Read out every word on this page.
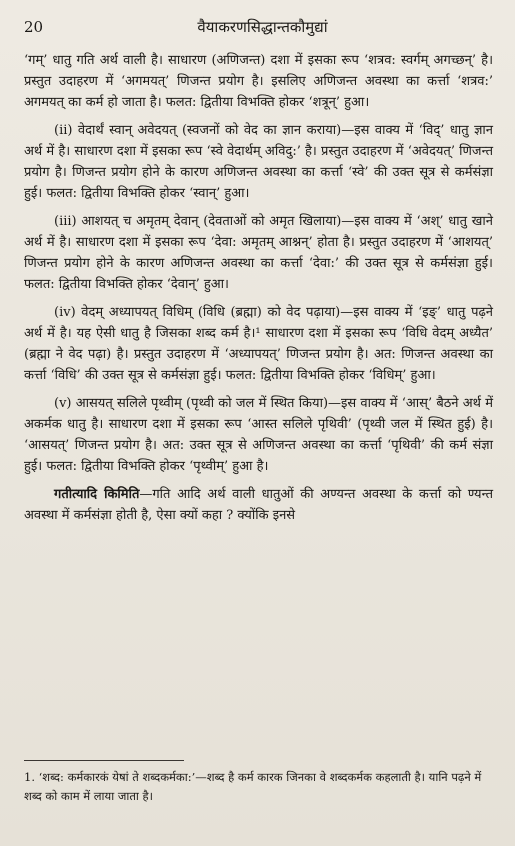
20	वैयाकरणसिद्धान्तकौमुद्यां

‘गम्’ धातु गति अर्थ वाली है। साधारण (अणिजन्त) दशा में इसका रूप ‘शत्रव: स्वर्गम् अगच्छन्’ है। प्रस्तुत उदाहरण में ‘अगमयत्’ णिजन्त प्रयोग है। इसलिए अणिजन्त अवस्था का कर्त्ता ‘शत्रव:’ अगमयत् का कर्म हो जाता है। फलत: द्वितीया विभक्ति होकर ‘शत्रून्’ हुआ।

(ii) वेदार्थं स्वान् अवेदयत् (स्वजनों को वेद का ज्ञान कराया)—इस वाक्य में ‘विद्’ धातु ज्ञान अर्थ में है। साधारण दशा में इसका रूप ‘स्वे वेदार्थम् अविदु:’ है। प्रस्तुत उदाहरण में ‘अवेदयत्’ णिजन्त प्रयोग है। णिजन्त प्रयोग होने के कारण अणिजन्त अवस्था का कर्त्ता ‘स्वे’ की उक्त सूत्र से कर्मसंज्ञा हुई। फलत: द्वितीया विभक्ति होकर ‘स्वान्’ हुआ।

(iii) आशयत् च अमृतम् देवान् (देवताओं को अमृत खिलाया)—इस वाक्य में ‘अश्’ धातु खाने अर्थ में है। साधारण दशा में इसका रूप ‘देवा: अमृतम् आश्नन्’ होता है। प्रस्तुत उदाहरण में ‘आशयत्’ णिजन्त प्रयोग होने के कारण अणिजन्त अवस्था का कर्त्ता ‘देवा:’ की उक्त सूत्र से कर्मसंज्ञा हुई। फलत: द्वितीया विभक्ति होकर ‘देवान्’ हुआ।

(iv) वेदम् अध्यापयत् विधिम् (विधि (ब्रह्मा) को वेद पढ़ाया)—इस वाक्य में ‘इङ्’ धातु पढ़ने अर्थ में है। यह ऐसी धातु है जिसका शब्द कर्म है।¹ साधारण दशा में इसका रूप ‘विधि वेदम् अध्यैत’ (ब्रह्मा ने वेद पढ़ा) है। प्रस्तुत उदाहरण में ‘अध्यापयत्’ णिजन्त प्रयोग है। अत: णिजन्त अवस्था का कर्त्ता ‘विधि’ की उक्त सूत्र से कर्मसंज्ञा हुई। फलत: द्वितीया विभक्ति होकर ‘विधिम्’ हुआ।

(v) आसयत् सलिले पृथ्वीम् (पृथ्वी को जल में स्थित किया)—इस वाक्य में ‘आस्’ बैठने अर्थ में अकर्मक धातु है। साधारण दशा में इसका रूप ‘आस्त सलिले पृथिवी’ (पृथ्वी जल में स्थित हुई) है। ‘आसयत्’ णिजन्त प्रयोग है। अत: उक्त सूत्र से अणिजन्त अवस्था का कर्त्ता ‘पृथिवी’ की कर्म संज्ञा हुई। फलत: द्वितीया विभक्ति होकर ‘पृथ्वीम्’ हुआ है।

गतीत्यादि किमिति—गति आदि अर्थ वाली धातुओं की अण्यन्त अवस्था के कर्त्ता को ण्यन्त अवस्था में कर्मसंज्ञा होती है, ऐसा क्यों कहा ? क्योंकि इनसे

1. ‘शब्द: कर्मकारकं येषां ते शब्दकर्मका:’—शब्द है कर्म कारक जिनका वे शब्दकर्मक कहलाती है। यानि पढ़ने में शब्द को काम में लाया जाता है।
